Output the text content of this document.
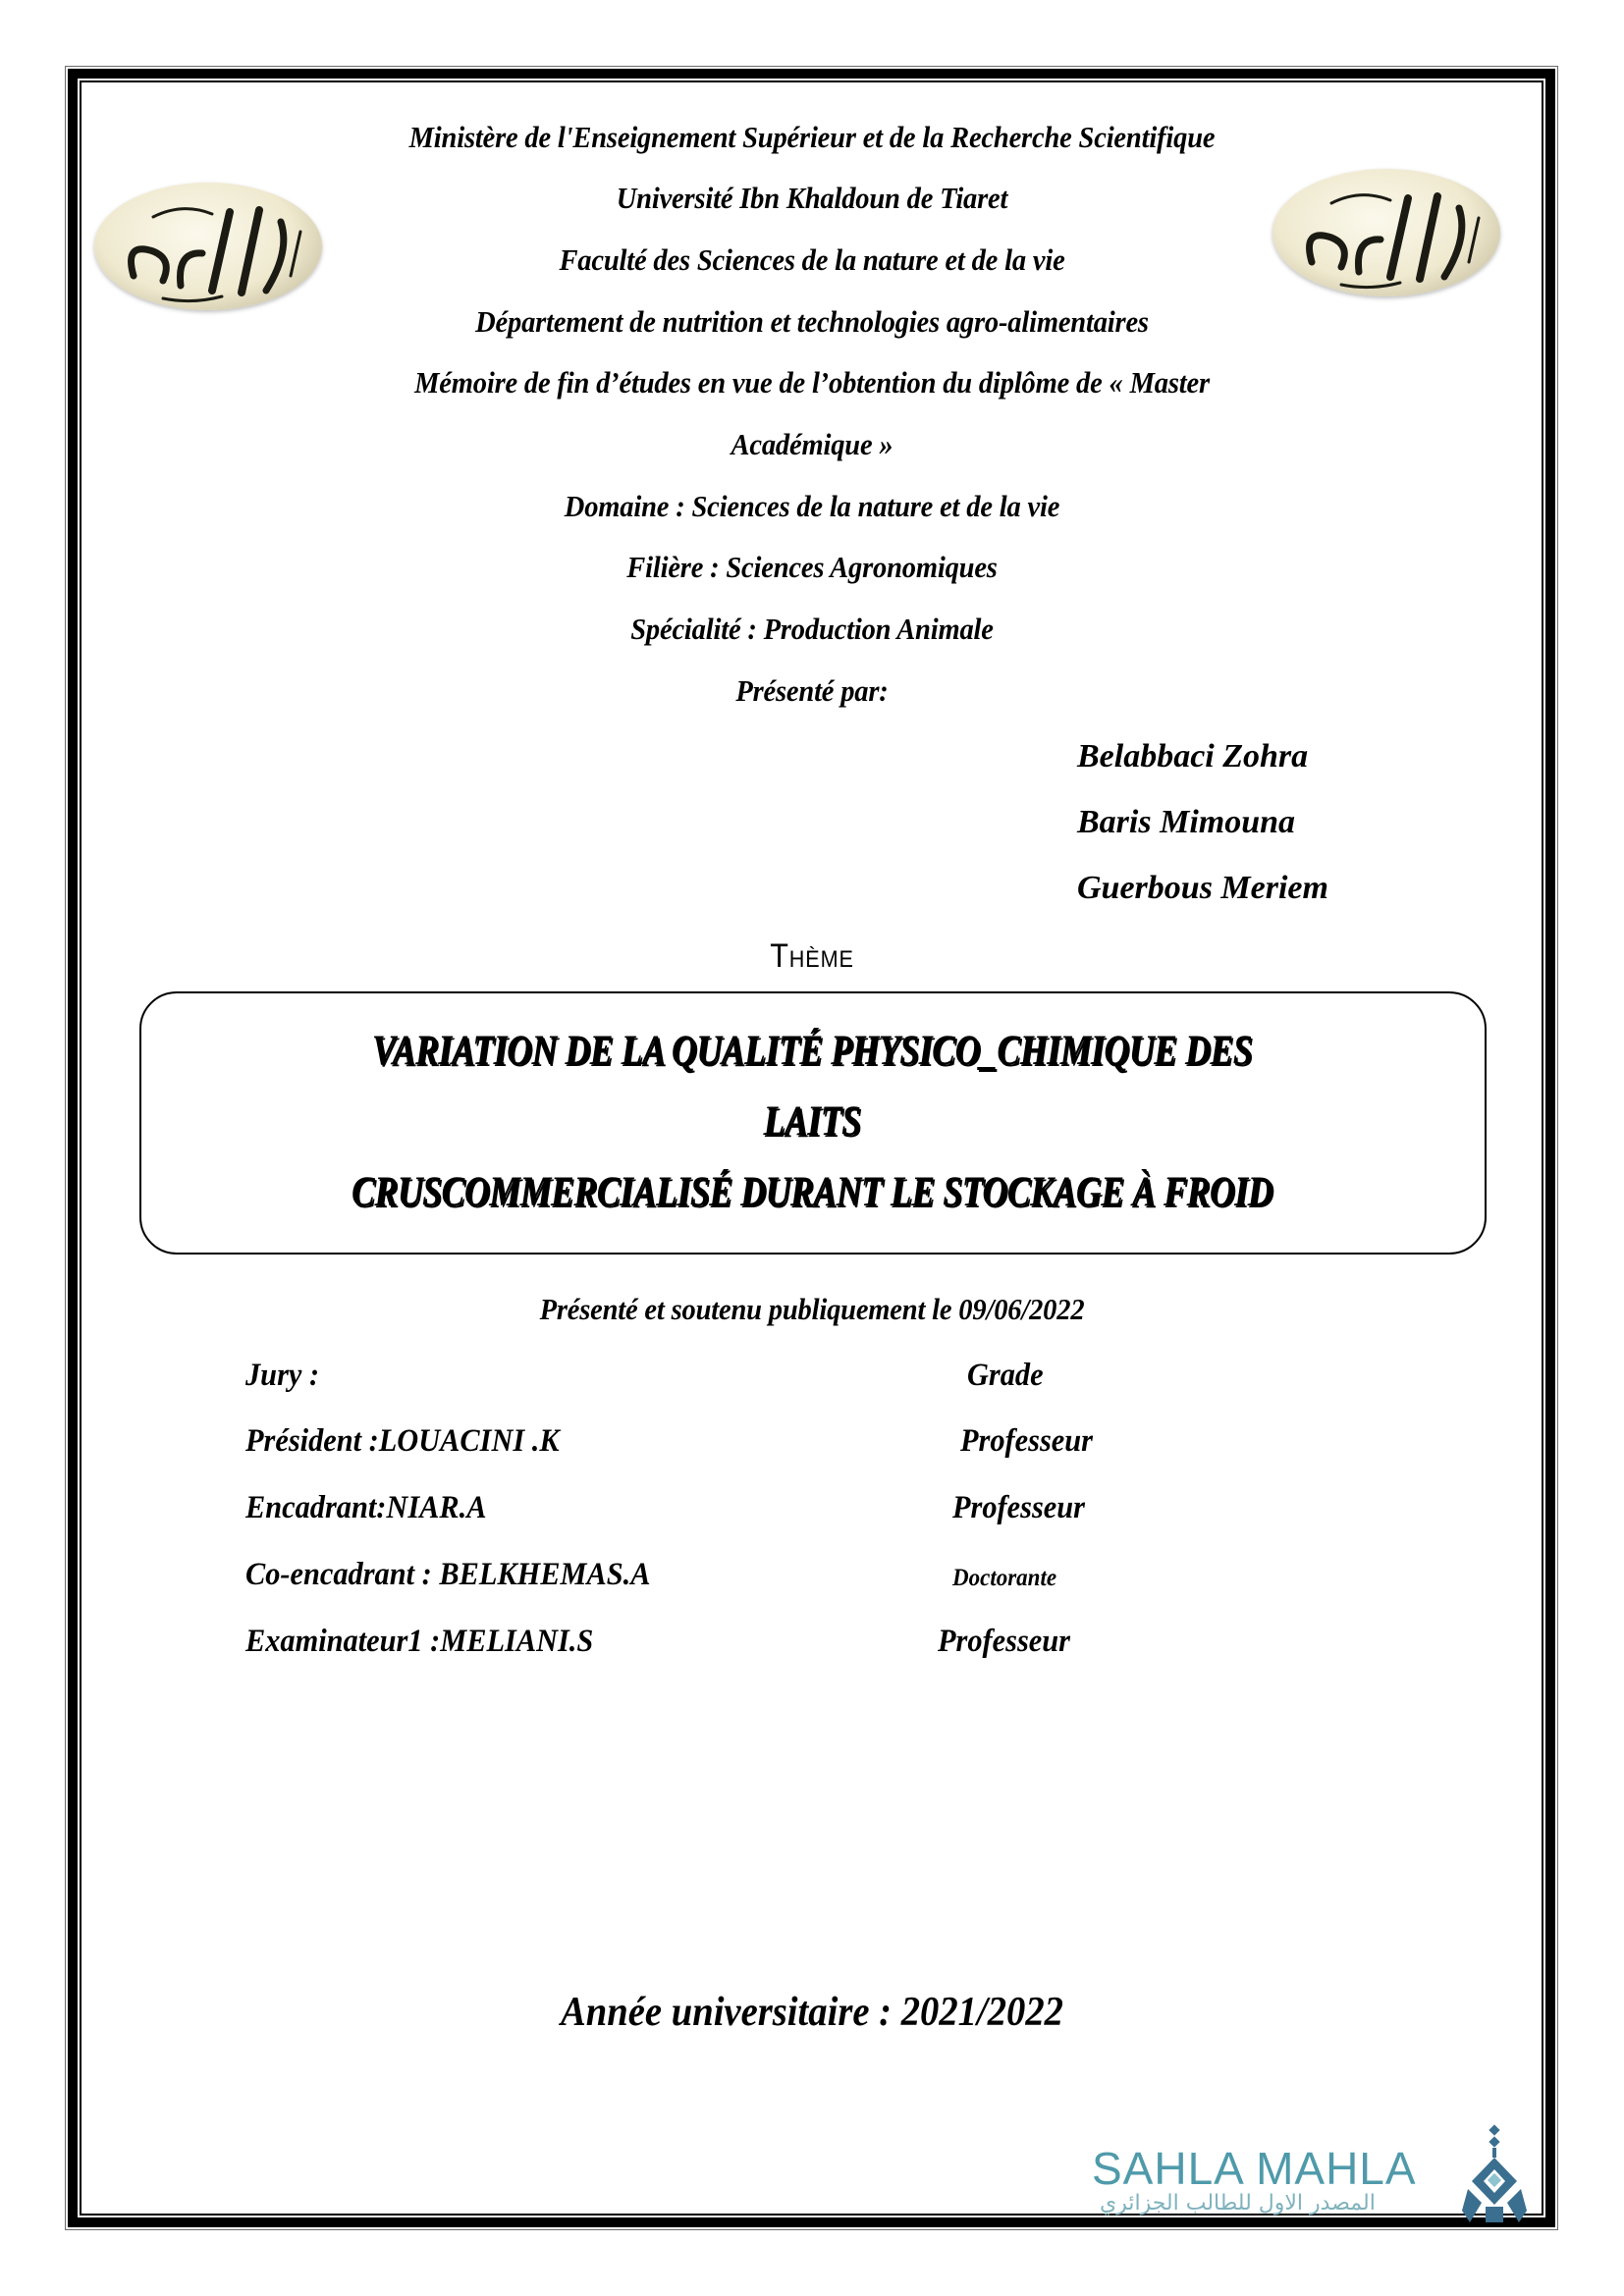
Ministère de l'Enseignement Supérieur et de la Recherche Scientifique
Université Ibn Khaldoun de Tiaret
Faculté des Sciences de la nature et de la vie
Département de nutrition et technologies agro-alimentaires
Mémoire de fin d’études en vue de l’obtention du diplôme de « Master
Académique »
Domaine : Sciences de la nature et de la vie
Filière : Sciences Agronomiques
Spécialité : Production Animale
Présenté par:
Belabbaci Zohra
Baris Mimouna
Guerbous Meriem
Thème
VARIATION DE LA QUALITÉ PHYSICO_CHIMIQUE DES
LAITS
CRUSCOMMERCIALISÉ DURANT LE STOCKAGE À FROID
Présenté et soutenu publiquement le 09/06/2022
Jury :	Grade
Président :LOUACINI .K	Professeur
Encadrant:NIAR.A	Professeur
Co-encadrant : BELKHEMAS.A	Doctorante
Examinateur1 :MELIANI.S	Professeur
Année universitaire : 2021/2022
SAHLA MAHLA
المصدر الاول للطالب الجزائري
